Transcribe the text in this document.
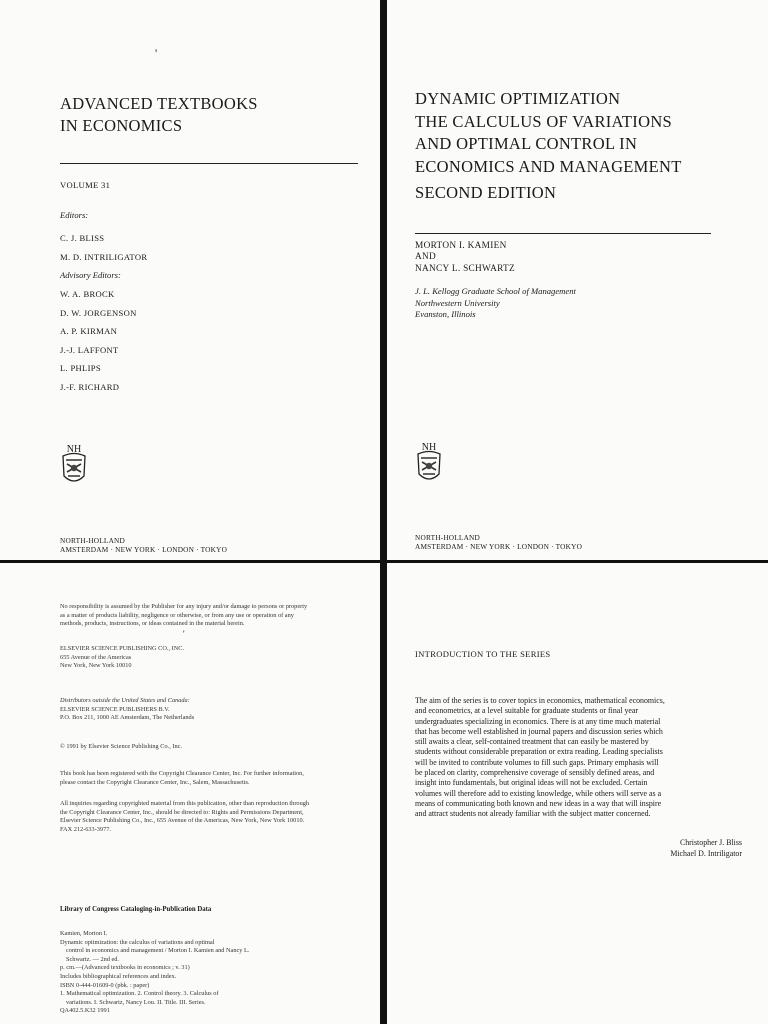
'
ADVANCED TEXTBOOKS
IN ECONOMICS
VOLUME 31
Editors:
C. J. BLISS
M. D. INTRILIGATOR
Advisory Editors:
W. A. BROCK
D. W. JORGENSON
A. P. KIRMAN
J.-J. LAFFONT
L. PHLIPS
J.-F. RICHARD
NH
NORTH-HOLLAND
AMSTERDAM · NEW YORK · LONDON · TOKYO
DYNAMIC OPTIMIZATION
THE CALCULUS OF VARIATIONS
AND OPTIMAL CONTROL IN
ECONOMICS AND MANAGEMENT
SECOND EDITION
MORTON I. KAMIEN
AND
NANCY L. SCHWARTZ
J. L. Kellogg Graduate School of Management
Northwestern University
Evanston, Illinois
NH
NORTH-HOLLAND
AMSTERDAM · NEW YORK · LONDON · TOKYO
No responsibility is assumed by the Publisher for any injury and/or damage to persons or property
as a matter of products liability, negligence or otherwise, or from any use or operation of any
methods, products, instructions, or ideas contained in the material herein.
'
ELSEVIER SCIENCE PUBLISHING CO., INC.
655 Avenue of the Americas
New York, New York 10010
Distributors outside the United States and Canada:
ELSEVIER SCIENCE PUBLISHERS B.V.
P.O. Box 211, 1000 AE Amsterdam, The Netherlands
© 1991 by Elsevier Science Publishing Co., Inc.
This book has been registered with the Copyright Clearance Center, Inc. For further information,
please contact the Copyright Clearance Center, Inc., Salem, Massachusetts.
All inquiries regarding copyrighted material from this publication, other than reproduction through
the Copyright Clearance Center, Inc., should be directed to: Rights and Permissions Department,
Elsevier Science Publishing Co., Inc., 655 Avenue of the Americas, New York, New York 10010.
FAX 212-633-3977.
Library of Congress Cataloging-in-Publication Data
Kamien, Morton I.
Dynamic optimization: the calculus of variations and optimal
control in economics and management / Morton I. Kamien and Nancy L.
Schwartz. — 2nd ed.
p. cm.—(Advanced textbooks in economics ; v. 31)
Includes bibliographical references and index.
ISBN 0-444-01609-0 (pbk. : paper)
1. Mathematical optimization. 2. Control theory. 3. Calculus of
variations. I. Schwartz, Nancy Lou. II. Title. III. Series.
QA402.5.K32 1991
INTRODUCTION TO THE SERIES
The aim of the series is to cover topics in economics, mathematical economics,
and econometrics, at a level suitable for graduate students or final year
undergraduates specializing in economics. There is at any time much material
that has become well established in journal papers and discussion series which
still awaits a clear, self-contained treatment that can easily be mastered by
students without considerable preparation or extra reading. Leading specialists
will be invited to contribute volumes to fill such gaps. Primary emphasis will
be placed on clarity, comprehensive coverage of sensibly defined areas, and
insight into fundamentals, but original ideas will not be excluded. Certain
volumes will therefore add to existing knowledge, while others will serve as a
means of communicating both known and new ideas in a way that will inspire
and attract students not already familiar with the subject matter concerned.
Christopher J. Bliss
Michael D. Intriligator
